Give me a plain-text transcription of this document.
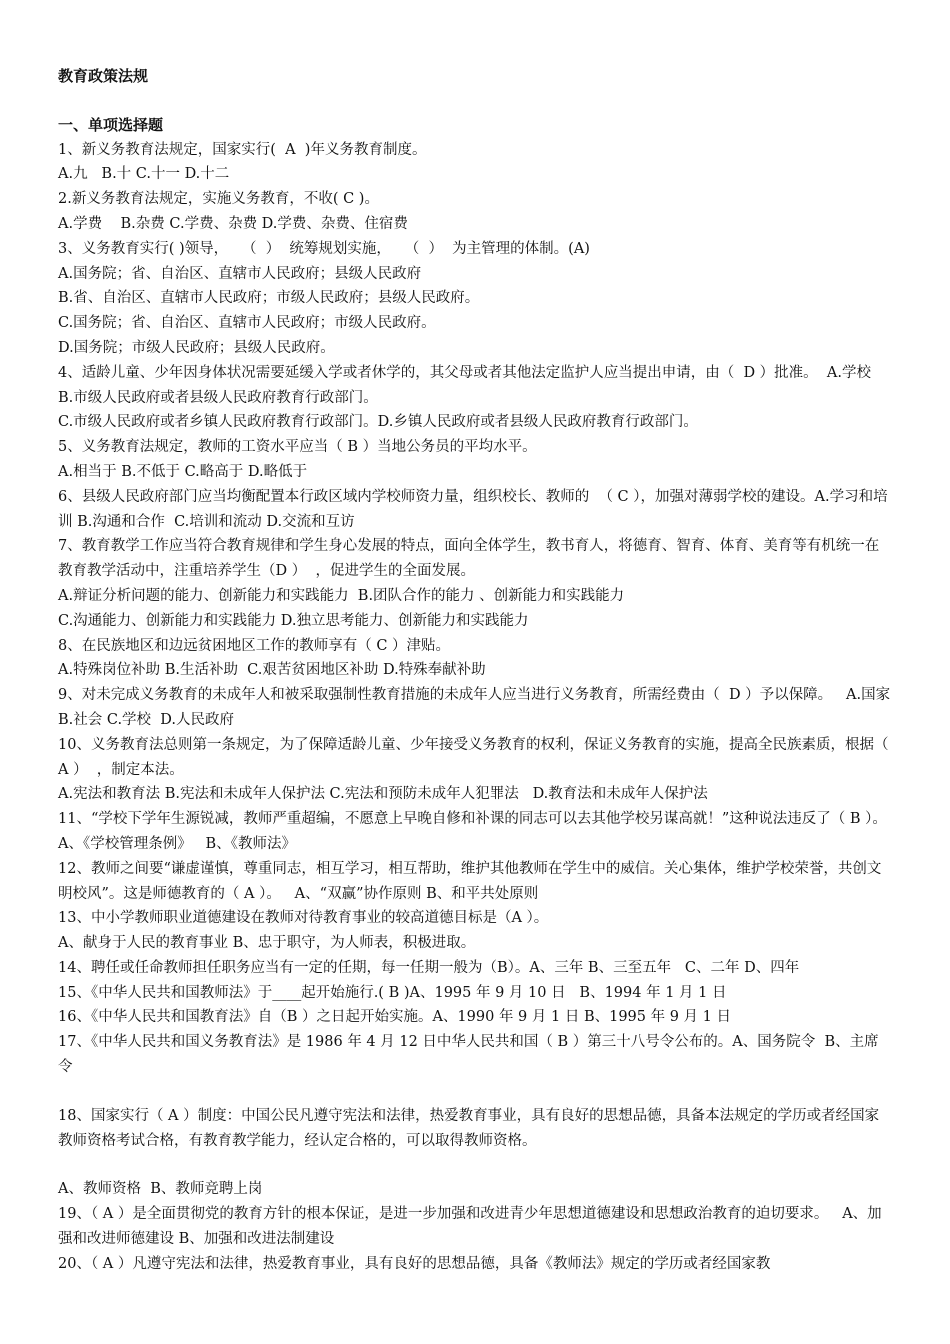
教育政策法规
一、单项选择题

1、新义务教育法规定，国家实行(  A  )年义务教育制度。

A.九   B.十 C.十一 D.十二

2.新义务教育法规定，实施义务教育，不收( C )。

A.学费    B.杂费 C.学费、杂费 D.学费、杂费、住宿费

3、义务教育实行( )领导，   （  ）  统筹规划实施，   （  ）  为主管理的体制。(A)

A.国务院；省、自治区、直辖市人民政府；县级人民政府

B.省、自治区、直辖市人民政府；市级人民政府；县级人民政府。

C.国务院；省、自治区、直辖市人民政府；市级人民政府。

D.国务院；市级人民政府；县级人民政府。

4、适龄儿童、少年因身体状况需要延缓入学或者休学的，其父母或者其他法定监护人应当提出申请，由（  D ）批准。  A.学校   B.市级人民政府或者县级人民政府教育行政部门。

C.市级人民政府或者乡镇人民政府教育行政部门。D.乡镇人民政府或者县级人民政府教育行政部门。

5、义务教育法规定，教师的工资水平应当（ B ）当地公务员的平均水平。

A.相当于 B.不低于 C.略高于 D.略低于

6、县级人民政府部门应当均衡配置本行政区域内学校师资力量，组织校长、教师的  （ C ），加强对薄弱学校的建设。A.学习和培训 B.沟通和合作  C.培训和流动 D.交流和互访

7、教育教学工作应当符合教育规律和学生身心发展的特点，面向全体学生，教书育人，将德育、智育、体育、美育等有机统一在教育教学活动中，注重培养学生（D ）  ，促进学生的全面发展。

A.辩证分析问题的能力、创新能力和实践能力  B.团队合作的能力 、创新能力和实践能力

C.沟通能力、创新能力和实践能力 D.独立思考能力、创新能力和实践能力

8、在民族地区和边远贫困地区工作的教师享有（ C ）津贴。

A.特殊岗位补助 B.生活补助  C.艰苦贫困地区补助 D.特殊奉献补助

9、对未完成义务教育的未成年人和被采取强制性教育措施的未成年人应当进行义务教育，所需经费由（  D ）予以保障。   A.国家  B.社会 C.学校  D.人民政府

10、义务教育法总则第一条规定，为了保障适龄儿童、少年接受义务教育的权利，保证义务教育的实施，提高全民族素质，根据（ A ）  ，制定本法。

A.宪法和教育法 B.宪法和未成年人保护法 C.宪法和预防未成年人犯罪法   D.教育法和未成年人保护法

11、“学校下学年生源锐减，教师严重超编，不愿意上早晚自修和补课的同志可以去其他学校另谋高就！”这种说法违反了（ B ）。   A、《学校管理条例》   B、《教师法》

12、教师之间要“谦虚谨慎，尊重同志，相互学习，相互帮助，维护其他教师在学生中的威信。关心集体，维护学校荣誉，共创文明校风”。这是师德教育的（ A ）。   A、“双赢”协作原则 B、和平共处原则

13、中小学教师职业道德建设在教师对待教育事业的较高道德目标是（A ）。

A、献身于人民的教育事业 B、忠于职守，为人师表，积极进取。

14、聘任或任命教师担任职务应当有一定的任期，每一任期一般为（B）。A、三年 B、三至五年   C、二年 D、四年

15、《中华人民共和国教师法》于____起开始施行.( B )A、1995 年 9 月 10 日   B、1994 年 1 月 1 日

16、《中华人民共和国教育法》自（B ）之日起开始实施。A、1990 年 9 月 1 日 B、1995 年 9 月 1 日

17、《中华人民共和国义务教育法》是 1986 年 4 月 12 日中华人民共和国（ B ）第三十八号令公布的。A、国务院令  B、主席令

18、国家实行（ A ）制度：中国公民凡遵守宪法和法律，热爱教育事业，具有良好的思想品德，具备本法规定的学历或者经国家教师资格考试合格，有教育教学能力，经认定合格的，可以取得教师资格。

A、教师资格  B、教师竞聘上岗

19、（ A ）是全面贯彻党的教育方针的根本保证，是进一步加强和改进青少年思想道德建设和思想政治教育的迫切要求。   A、加强和改进师德建设 B、加强和改进法制建设

20、（ A ）凡遵守宪法和法律，热爱教育事业，具有良好的思想品德，具备《教师法》规定的学历或者经国家教
